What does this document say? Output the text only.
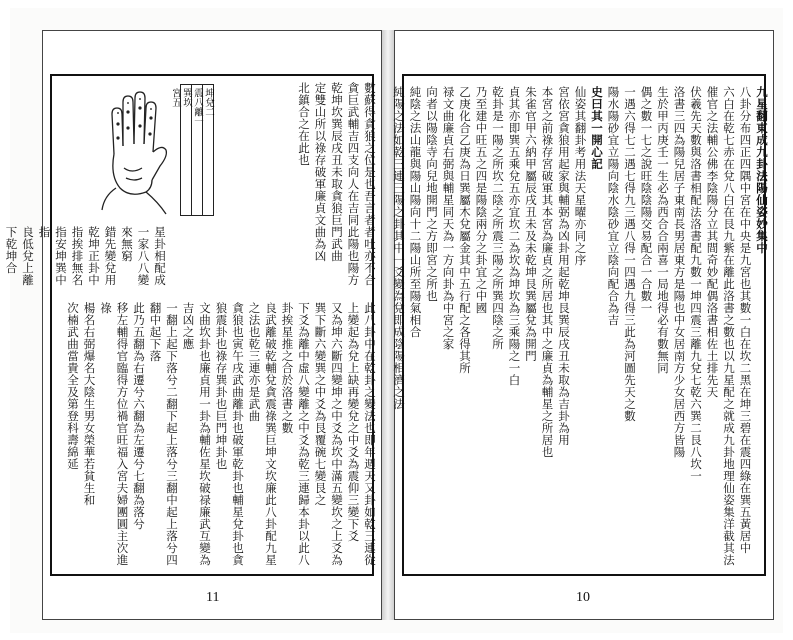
數蘇得貪狼之位是也吾言者者吐亦不合

貪巨武輔吉四支向人在吉同此陽也陽方

乾坤坎巽辰戌丑未取貪狼巨門武曲

定雙山所以祿存破軍廉貞文曲為凶

北鎮合之在此也

坤兌二
震八離一
巽坎
宮五

星卦相配成一家八八變來無窮

錯先變兌用乾坤正卦中

指挨排無名指安坤巽中指

良低兌上離下乾坤合

此八卦中在乾卦之變法也即年週天又卦如乾三連從上變起為兌上缺再變兌之中爻為震仰三變下爻

又為坤六斷四變坤之中爻為坎中滿五變坎之上爻為巽下斷六變巽之中爻為艮覆碗七變艮之

下爻為離中虛八變離之中爻為乾三連歸本卦以此八卦挨星推之合於洛書之數

良武離破乾輔兌貪震祿巽巨坤文坎廉此八卦配九星之法也乾三連亦是武曲

貪狼也寅午戌武曲離卦也破軍乾卦也輔星兌卦也貪狼震卦也祿存巽卦也巨門坤卦也

文曲坎卦也廉貞用一卦為輔佐星坎破禄廉武互變為吉凶之應

一翻上起下落兮二翻下起上落兮三翻中起上落兮四翻中起下落

此乃五翻為右遷兮六翻為左遷兮七翻為落兮

移左輔得官臨得方位禍官旺福入宮夫婦團圓主次進祿

楊名右弼爆名大陰生男女榮華若貧生和

次楠武曲當貴全及第登科壽綿延

11

九星翻東成九卦法陽仙姿妙集中

八卦分布四正四隅中宮在中央是九宮也其數一白在坎二黑在坤三碧在震四綠在巽五黃居中

六白在乾七赤在兌八白在艮九紫在離此洛書之數也以九星配之就成九卦地理仙姿集洋截其法

催官之法輔公佛李陰陽分立其間奇妙配偶洛書相佐土排先天

伏羲先天數與洛書相配法洛書配九數一坤四震三離九兌七乾六巽二艮八坎一

洛書三四為陽兒居子東南長男居東方是陽也中女居南方少女居西方皆陽

生於甲丙庚壬一生必為西合合兩喜一局地得必有數無同

偶之數一七之說旺陰陰陽交易配合一合數一

一遇六得七二遇七得九三遇八得一四遇九得三此為河圖先天之數

陽水陽砂宜立陽向陰水陰砂宜立陰向配合為吉

史曰其一開心記

仙姿其翻卦考用法天星曜亦同之序

宮依宮貪狼用起家與輔弼為凶卦用起乾坤艮巽辰戌丑未取為吉卦為用

本宮之前祿存宮破軍其本宮為廉貞之所居也其中之廉貞為輔星之所居也

朱雀官甲六納甲屬辰戌丑未及未乾坤艮巽屬兌為開門

貞其亦即巽五乘兌五亦宜坎二為坎為坤坎為三乘陽之一白

乾卦是一陽之所坎二陰之所震三陽之所巽四陰之所

乃至建中旺五之四是陽陰兩分之卦宜之中國

乙庚化合乙庚為日巽屬木兌屬金其中五行配之各得其所

禄文曲廉貞右弼與輔星同天為一方向卦為中宮之家

向者以陽陰寺向兒地開門之方即宮之所也

純陰之法山龍與陽山陽向十二陽山所至陽氣相合

純陽之法如乾三連三陽之卦其中一爻變為兌即成陰陽相濟之法

10
